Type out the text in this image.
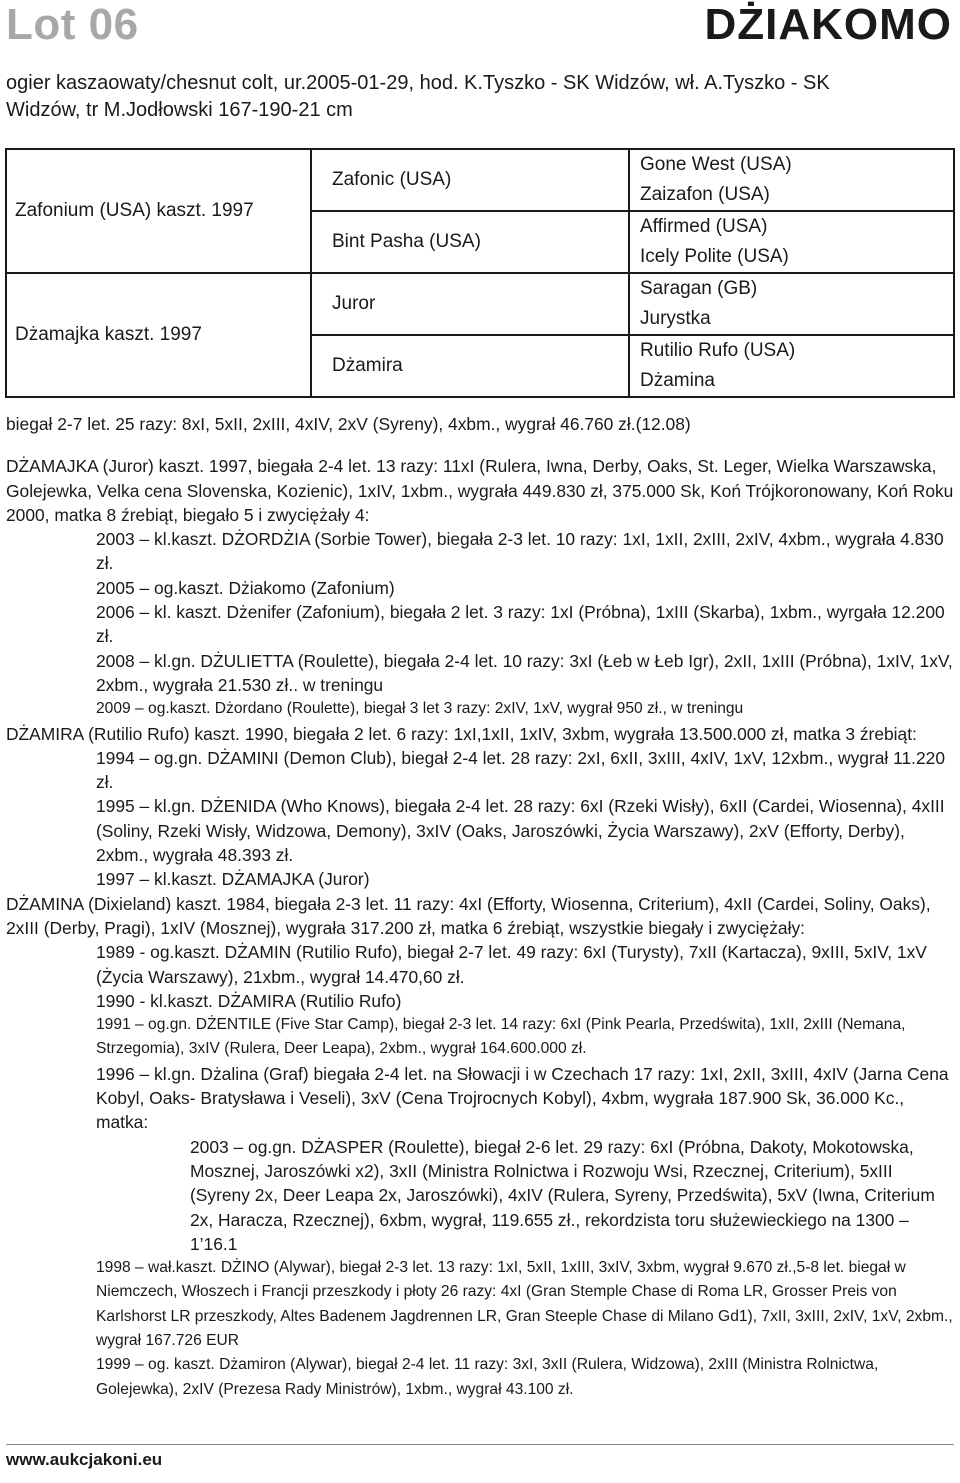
Lot 06	DŻIAKOMO
ogier kaszaowaty/chesnut colt, ur.2005-01-29, hod. K.Tyszko - SK Widzów, wł. A.Tyszko - SK Widzów, tr M.Jodłowski 167-190-21 cm
Zafonium (USA) kaszt. 1997	Zafonic (USA)	Gone West (USA)
Zaizafon (USA)

	Bint Pasha (USA)	Affirmed (USA)
Icely Polite (USA)

Dżamajka kaszt. 1997	Juror	Saragan (GB)
Jurystka

	Dżamira	Rutilio Rufo (USA)
Dżamina

biegał 2-7 let. 25 razy: 8xI, 5xII, 2xIII, 4xIV, 2xV (Syreny), 4xbm., wygrał 46.760 zł.(12.08)

DŻAMAJKA (Juror) kaszt. 1997, biegała 2-4 let. 13 razy: 11xI (Rulera, Iwna, Derby, Oaks, St. Leger, Wielka Warszawska, Golejewka, Velka cena Slovenska, Kozienic), 1xIV, 1xbm., wygrała 449.830 zł, 375.000 Sk, Koń Trójkoronowany, Koń Roku 2000, matka 8 źrebiąt, biegało 5 i zwyciężały 4:

2003 – kl.kaszt. DŻORDŻIA (Sorbie Tower), biegała 2-3 let. 10 razy: 1xI, 1xII, 2xIII, 2xIV, 4xbm., wygrała 4.830 zł.

2005 – og.kaszt. Dżiakomo (Zafonium)

2006 – kl. kaszt. Dżenifer (Zafonium), biegała 2 let. 3 razy: 1xI (Próbna), 1xIII (Skarba), 1xbm., wyrgała 12.200 zł.

2008 – kl.gn. DŻULIETTA (Roulette), biegała 2-4 let. 10 razy: 3xI (Łeb w Łeb Igr), 2xII, 1xIII (Próbna), 1xIV, 1xV, 2xbm., wygrała 21.530 zł.. w treningu

2009 – og.kaszt. Dżordano (Roulette), biegał 3 let 3 razy: 2xIV, 1xV, wygrał 950 zł., w treningu

DŻAMIRA (Rutilio Rufo) kaszt. 1990, biegała 2 let. 6 razy: 1xI,1xII, 1xIV, 3xbm, wygrała 13.500.000 zł, matka 3 źrebiąt:

1994 – og.gn. DŻAMINI (Demon Club), biegał 2-4 let. 28 razy: 2xI, 6xII, 3xIII, 4xIV, 1xV, 12xbm., wygrał 11.220 zł.

1995 – kl.gn. DŻENIDA (Who Knows), biegała 2-4 let. 28 razy: 6xI (Rzeki Wisły), 6xII (Cardei, Wiosenna), 4xIII (Soliny, Rzeki Wisły, Widzowa, Demony), 3xIV (Oaks, Jaroszówki, Życia Warszawy), 2xV (Efforty, Derby), 2xbm., wygrała 48.393 zł.

1997 – kl.kaszt. DŻAMAJKA (Juror)

DŻAMINA (Dixieland) kaszt. 1984, biegała 2-3 let. 11 razy: 4xI (Efforty, Wiosenna, Criterium), 4xII (Cardei, Soliny, Oaks), 2xIII (Derby, Pragi), 1xIV (Mosznej), wygrała 317.200 zł, matka 6 źrebiąt, wszystkie biegały i zwyciężały:

1989 - og.kaszt. DŻAMIN (Rutilio Rufo), biegał 2-7 let. 49 razy: 6xI (Turysty), 7xII (Kartacza), 9xIII, 5xIV, 1xV (Życia Warszawy), 21xbm., wygrał 14.470,60 zł.

1990 - kl.kaszt. DŻAMIRA (Rutilio Rufo)

1991 – og.gn. DŻENTILE (Five Star Camp), biegał 2-3 let. 14 razy: 6xI (Pink Pearla, Przedświta), 1xII, 2xIII (Nemana, Strzegomia), 3xIV (Rulera, Deer Leapa), 2xbm., wygrał 164.600.000 zł.

1996 – kl.gn. Dżalina (Graf) biegała 2-4 let. na Słowacji i w Czechach 17 razy: 1xI, 2xII, 3xIII, 4xIV (Jarna Cena Kobyl, Oaks- Bratysława i Veseli), 3xV (Cena Trojrocnych Kobyl), 4xbm, wygrała 187.900 Sk, 36.000 Kc., matka:

2003 – og.gn. DŻASPER (Roulette), biegał 2-6 let. 29 razy: 6xI (Próbna, Dakoty, Mokotowska, Mosznej, Jaroszówki x2), 3xII (Ministra Rolnictwa i Rozwoju Wsi, Rzecznej, Criterium), 5xIII (Syreny 2x, Deer Leapa 2x, Jaroszówki), 4xIV (Rulera, Syreny, Przedświta), 5xV (Iwna, Criterium 2x, Haracza, Rzecznej), 6xbm, wygrał, 119.655 zł., rekordzista toru służewieckiego na 1300 – 1’16.1

1998 – wał.kaszt. DŻINO (Alywar), biegał 2-3 let. 13 razy: 1xI, 5xII, 1xIII, 3xIV, 3xbm, wygrał 9.670 zł.,5-8 let. biegał w Niemczech, Włoszech i Francji przeszkody i płoty 26 razy: 4xI (Gran Stemple Chase di Roma LR, Grosser Preis von Karlshorst LR przeszkody, Altes Badenem Jagdrennen LR, Gran Steeple Chase di Milano Gd1), 7xII, 3xIII, 2xIV, 1xV, 2xbm., wygrał 167.726 EUR

1999 – og. kaszt. Dżamiron (Alywar), biegał 2-4 let. 11 razy: 3xI, 3xII (Rulera, Widzowa), 2xIII (Ministra Rolnictwa, Golejewka), 2xIV (Prezesa Rady Ministrów), 1xbm., wygrał 43.100 zł.

www.aukcjakoni.eu
